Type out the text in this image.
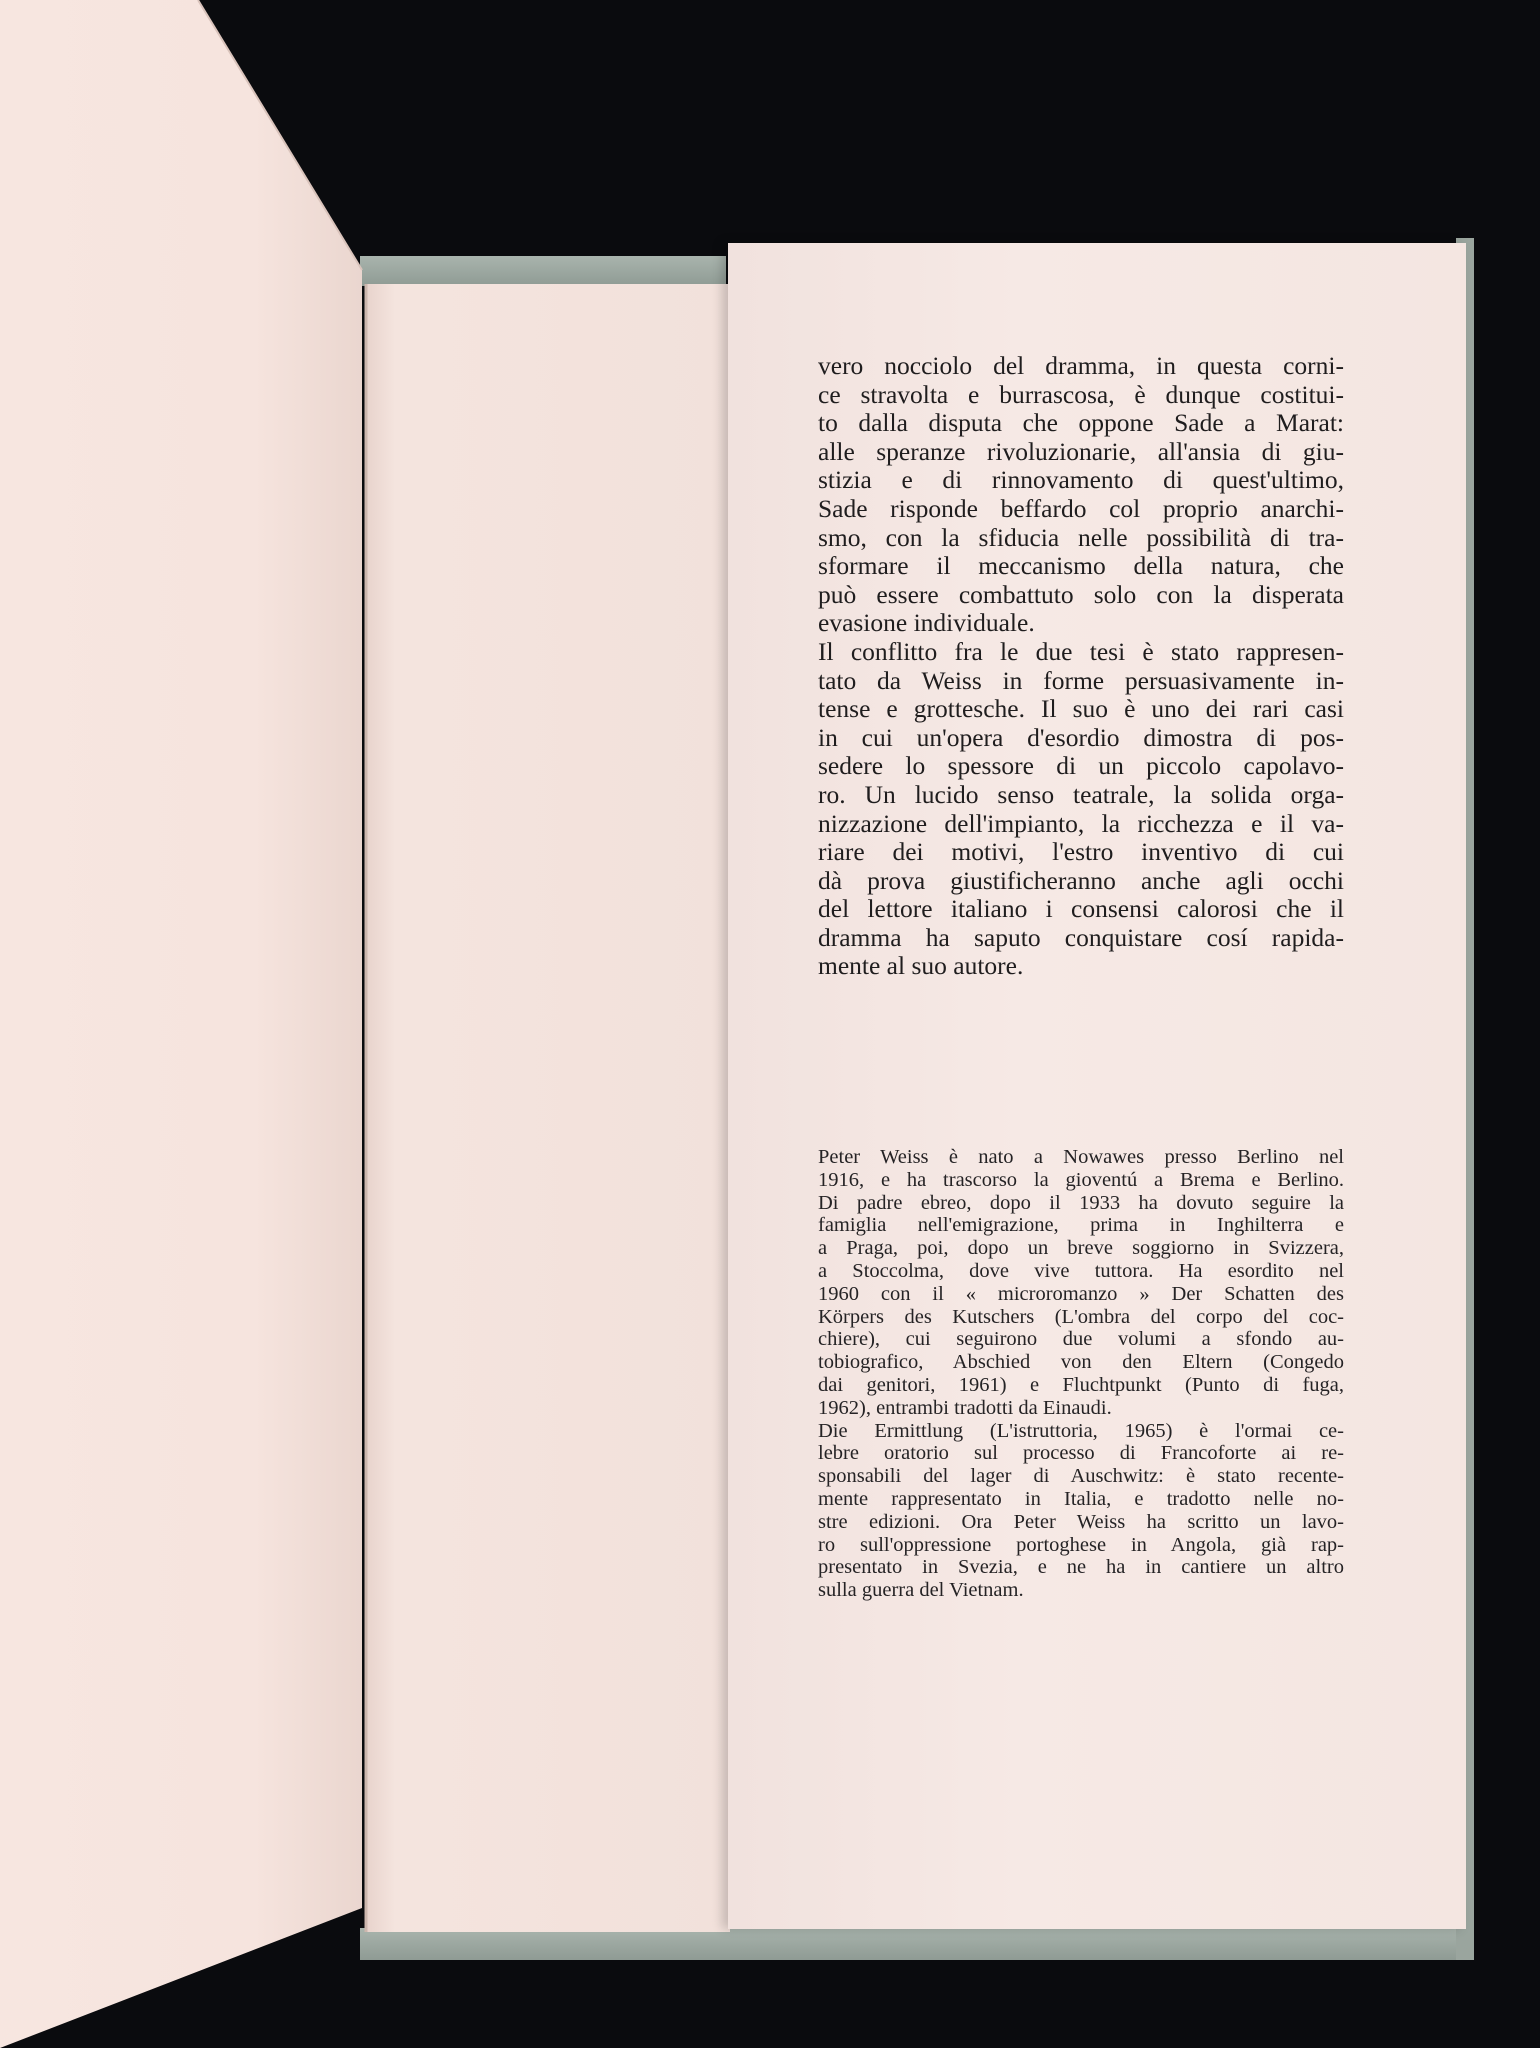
vero nocciolo del dramma, in questa corni-
ce stravolta e burrascosa, è dunque costitui-
to dalla disputa che oppone Sade a Marat:
alle speranze rivoluzionarie, all'ansia di giu-
stizia e di rinnovamento di quest'ultimo,
Sade risponde beffardo col proprio anarchi-
smo, con la sfiducia nelle possibilità di tra-
sformare il meccanismo della natura, che
può essere combattuto solo con la disperata
evasione individuale.
Il conflitto fra le due tesi è stato rappresen-
tato da Weiss in forme persuasivamente in-
tense e grottesche. Il suo è uno dei rari casi
in cui un'opera d'esordio dimostra di pos-
sedere lo spessore di un piccolo capolavo-
ro. Un lucido senso teatrale, la solida orga-
nizzazione dell'impianto, la ricchezza e il va-
riare dei motivi, l'estro inventivo di cui
dà prova giustificheranno anche agli occhi
del lettore italiano i consensi calorosi che il
dramma ha saputo conquistare cosí rapida-
mente al suo autore.
Peter Weiss è nato a Nowawes presso Berlino nel
1916, e ha trascorso la gioventú a Brema e Berlino.
Di padre ebreo, dopo il 1933 ha dovuto seguire la
famiglia nell'emigrazione, prima in Inghilterra e
a Praga, poi, dopo un breve soggiorno in Svizzera,
a Stoccolma, dove vive tuttora. Ha esordito nel
1960 con il « microromanzo » Der Schatten des
Körpers des Kutschers (L'ombra del corpo del coc-
chiere), cui seguirono due volumi a sfondo au-
tobiografico, Abschied von den Eltern (Congedo
dai genitori, 1961) e Fluchtpunkt (Punto di fuga,
1962), entrambi tradotti da Einaudi.
Die Ermittlung (L'istruttoria, 1965) è l'ormai ce-
lebre oratorio sul processo di Francoforte ai re-
sponsabili del lager di Auschwitz: è stato recente-
mente rappresentato in Italia, e tradotto nelle no-
stre edizioni. Ora Peter Weiss ha scritto un lavo-
ro sull'oppressione portoghese in Angola, già rap-
presentato in Svezia, e ne ha in cantiere un altro
sulla guerra del Vietnam.
